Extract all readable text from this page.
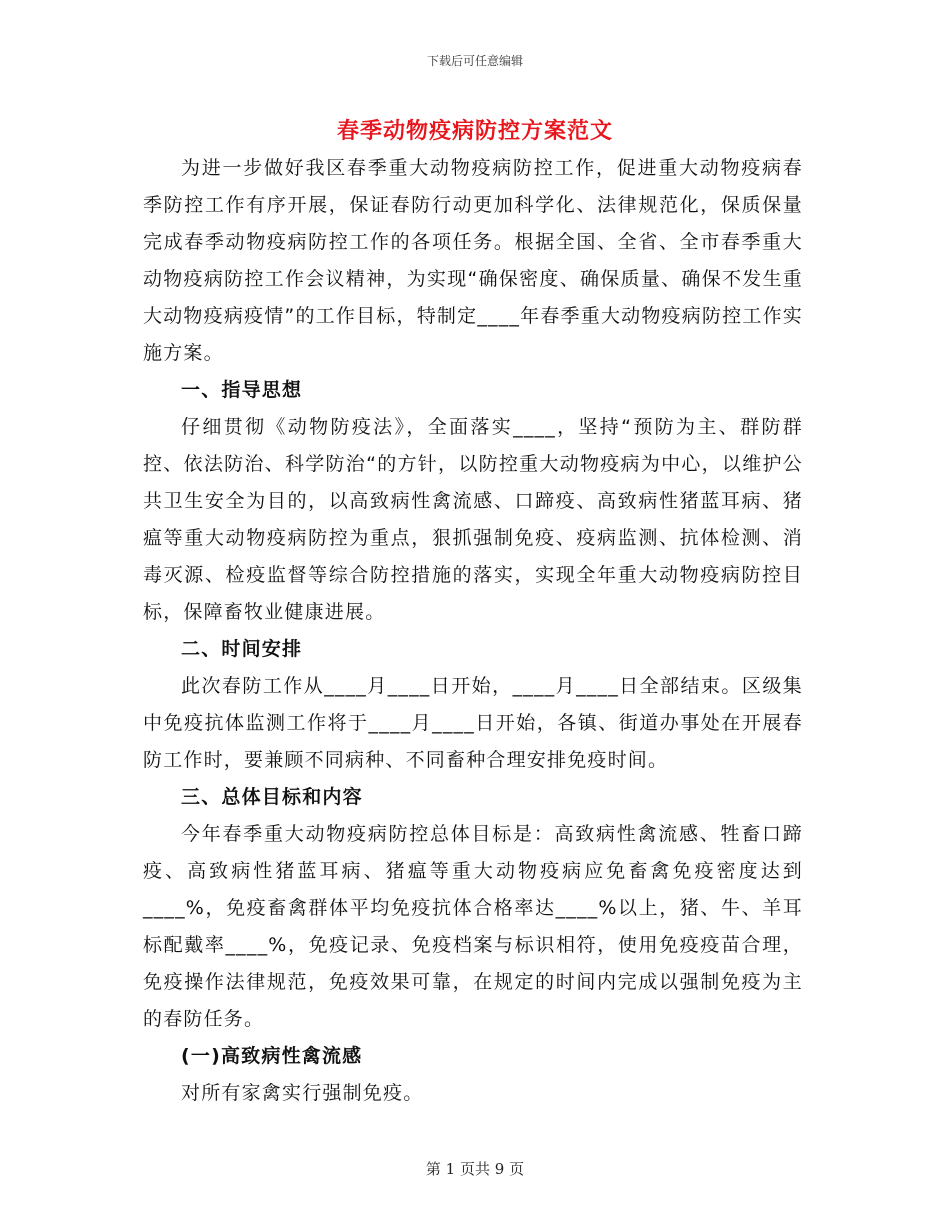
下载后可任意编辑
春季动物疫病防控方案范文

为进一步做好我区春季重大动物疫病防控工作，促进重大动物疫病春季防控工作有序开展，保证春防行动更加科学化、法律规范化，保质保量完成春季动物疫病防控工作的各项任务。根据全国、全省、全市春季重大动物疫病防控工作会议精神，为实现“确保密度、确保质量、确保不发生重大动物疫病疫情”的工作目标，特制定____年春季重大动物疫病防控工作实施方案。

一、指导思想

仔细贯彻《动物防疫法》，全面落实____，坚持“预防为主、群防群控、依法防治、科学防治“的方针，以防控重大动物疫病为中心，以维护公共卫生安全为目的，以高致病性禽流感、口蹄疫、高致病性猪蓝耳病、猪瘟等重大动物疫病防控为重点，狠抓强制免疫、疫病监测、抗体检测、消毒灭源、检疫监督等综合防控措施的落实，实现全年重大动物疫病防控目标，保障畜牧业健康进展。

二、时间安排

此次春防工作从____月____日开始，____月____日全部结束。区级集中免疫抗体监测工作将于____月____日开始，各镇、街道办事处在开展春防工作时，要兼顾不同病种、不同畜种合理安排免疫时间。

三、总体目标和内容

今年春季重大动物疫病防控总体目标是：高致病性禽流感、牲畜口蹄疫、高致病性猪蓝耳病、猪瘟等重大动物疫病应免畜禽免疫密度达到____%，免疫畜禽群体平均免疫抗体合格率达____%以上，猪、牛、羊耳标配戴率____%，免疫记录、免疫档案与标识相符，使用免疫疫苗合理，免疫操作法律规范，免疫效果可靠，在规定的时间内完成以强制免疫为主的春防任务。

(一)高致病性禽流感

对所有家禽实行强制免疫。

第 1 页共 9 页
